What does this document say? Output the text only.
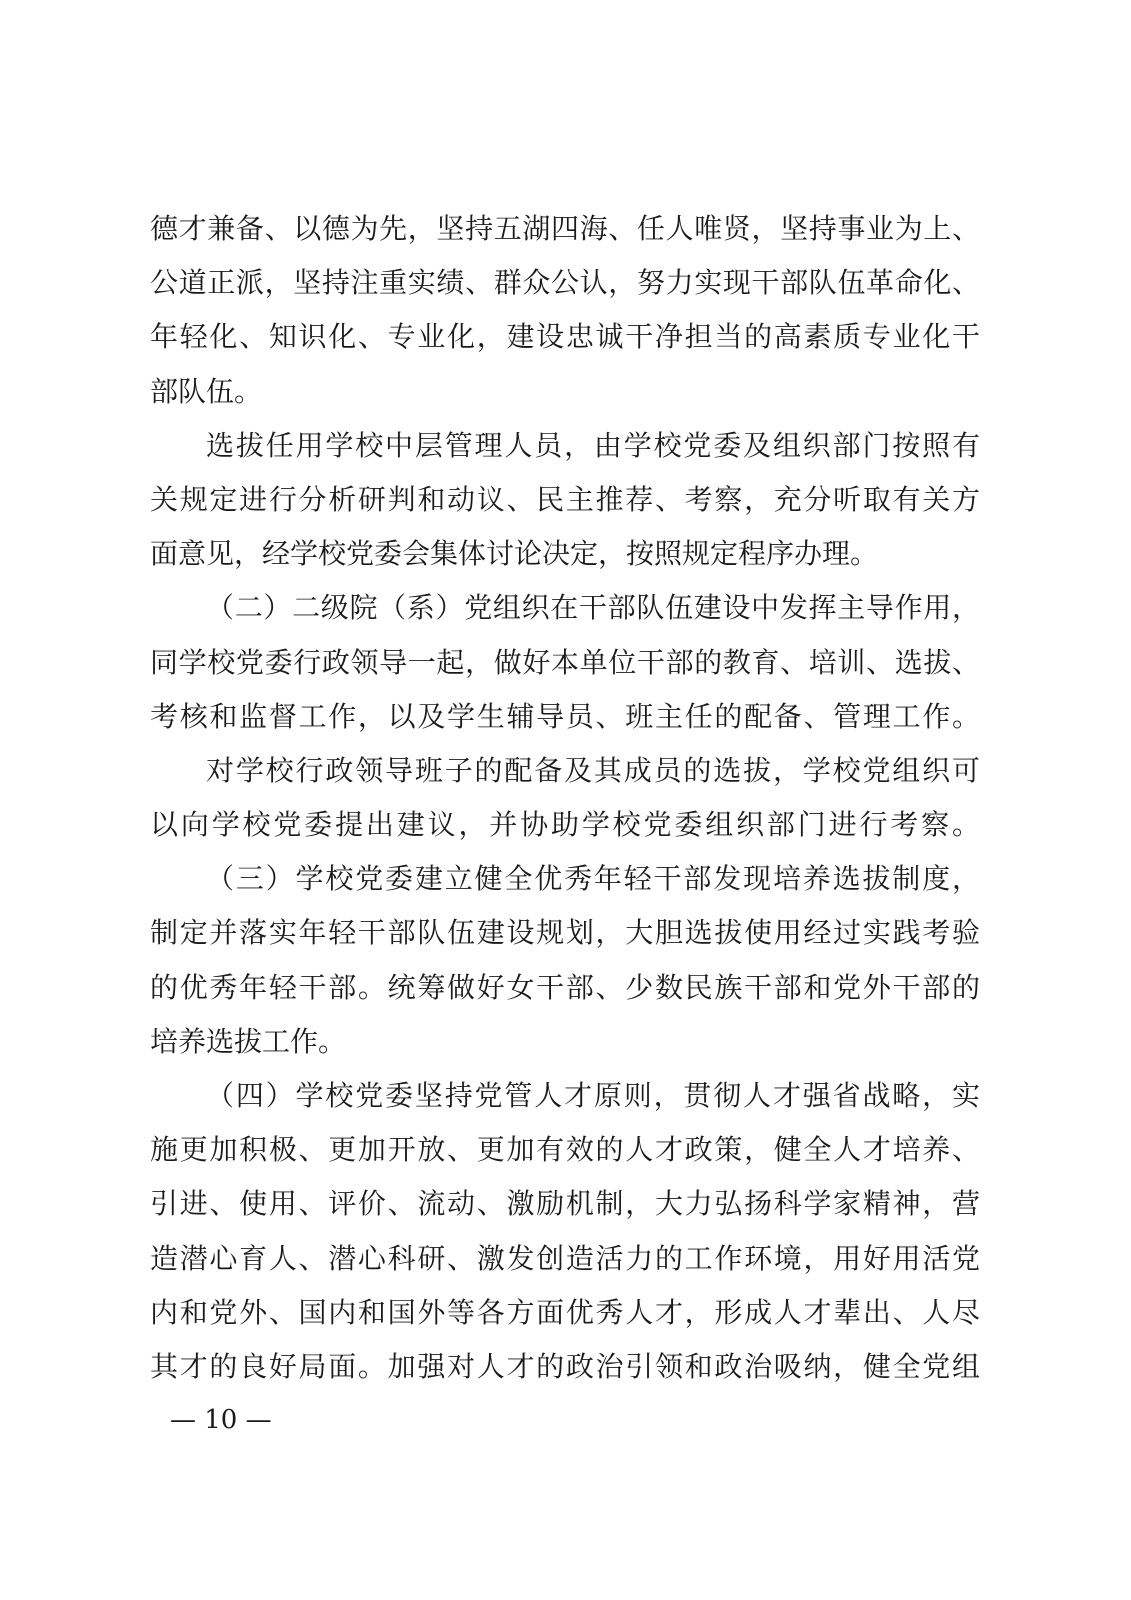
德才兼备、以德为先，坚持五湖四海、任人唯贤，坚持事业为上、
公道正派，坚持注重实绩、群众公认，努力实现干部队伍革命化、
年轻化、知识化、专业化，建设忠诚干净担当的高素质专业化干
部队伍。
选拔任用学校中层管理人员，由学校党委及组织部门按照有
关规定进行分析研判和动议、民主推荐、考察，充分听取有关方
面意见，经学校党委会集体讨论决定，按照规定程序办理。
（二）二级院（系）党组织在干部队伍建设中发挥主导作用，
同学校党委行政领导一起，做好本单位干部的教育、培训、选拔、
考核和监督工作，以及学生辅导员、班主任的配备、管理工作。
对学校行政领导班子的配备及其成员的选拔，学校党组织可
以向学校党委提出建议，并协助学校党委组织部门进行考察。
（三）学校党委建立健全优秀年轻干部发现培养选拔制度，
制定并落实年轻干部队伍建设规划，大胆选拔使用经过实践考验
的优秀年轻干部。统筹做好女干部、少数民族干部和党外干部的
培养选拔工作。
（四）学校党委坚持党管人才原则，贯彻人才强省战略，实
施更加积极、更加开放、更加有效的人才政策，健全人才培养、
引进、使用、评价、流动、激励机制，大力弘扬科学家精神，营
造潜心育人、潜心科研、激发创造活力的工作环境，用好用活党
内和党外、国内和国外等各方面优秀人才，形成人才辈出、人尽
其才的良好局面。加强对人才的政治引领和政治吸纳，健全党组
— 10 —
